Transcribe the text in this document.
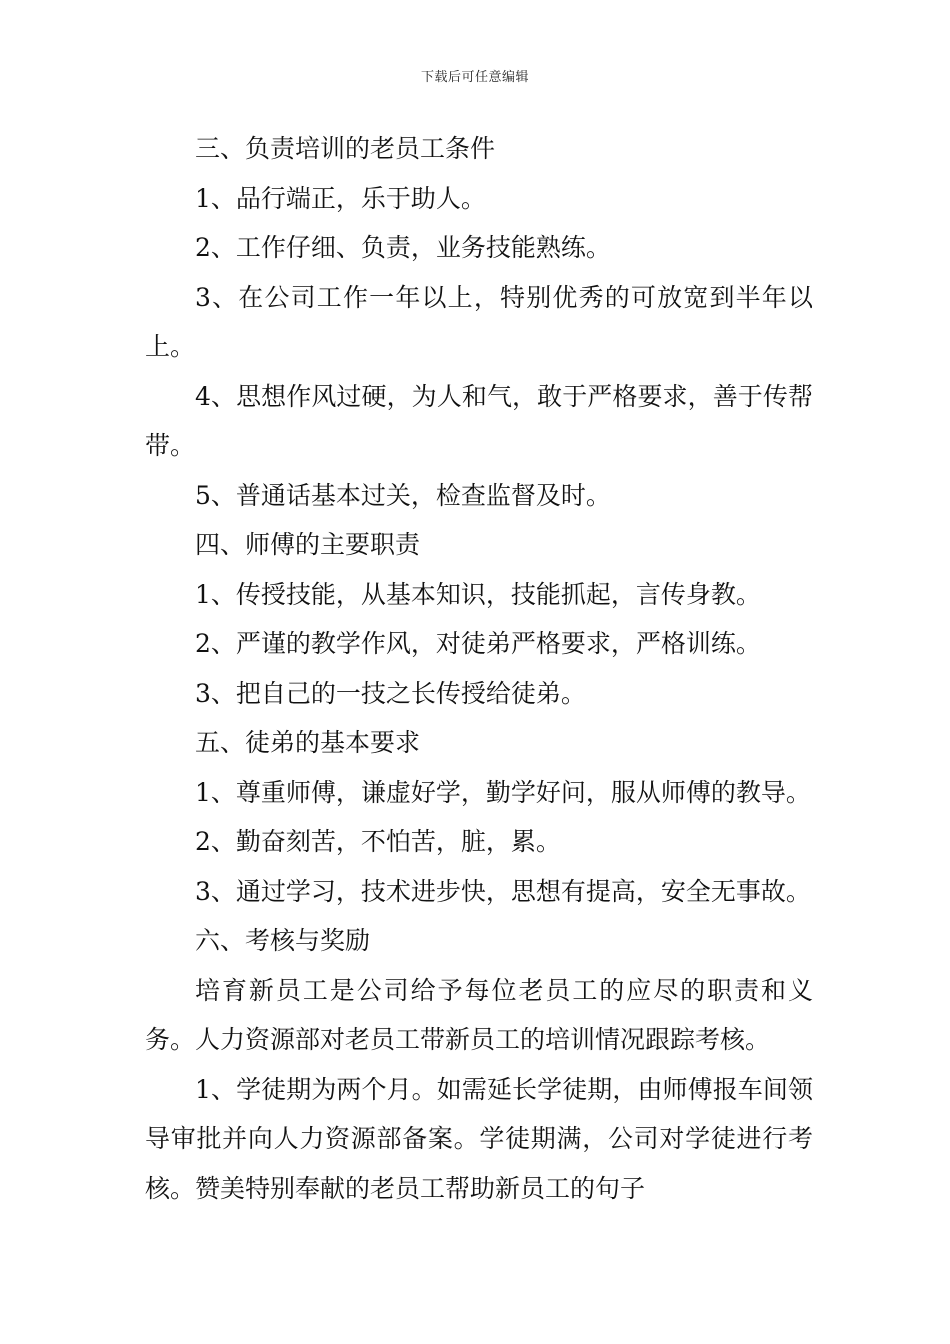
下载后可任意编辑

三、负责培训的老员工条件

1、品行端正，乐于助人。

2、工作仔细、负责，业务技能熟练。

3、在公司工作一年以上，特别优秀的可放宽到半年以上。

4、思想作风过硬，为人和气，敢于严格要求，善于传帮带。

5、普通话基本过关，检查监督及时。

四、师傅的主要职责

1、传授技能，从基本知识，技能抓起，言传身教。

2、严谨的教学作风，对徒弟严格要求，严格训练。

3、把自己的一技之长传授给徒弟。

五、徒弟的基本要求

1、尊重师傅，谦虚好学，勤学好问，服从师傅的教导。

2、勤奋刻苦，不怕苦，脏，累。

3、通过学习，技术进步快，思想有提高，安全无事故。

六、考核与奖励

培育新员工是公司给予每位老员工的应尽的职责和义务。人力资源部对老员工带新员工的培训情况跟踪考核。

1、学徒期为两个月。如需延长学徒期，由师傅报车间领导审批并向人力资源部备案。学徒期满，公司对学徒进行考核。赞美特别奉献的老员工帮助新员工的句子
